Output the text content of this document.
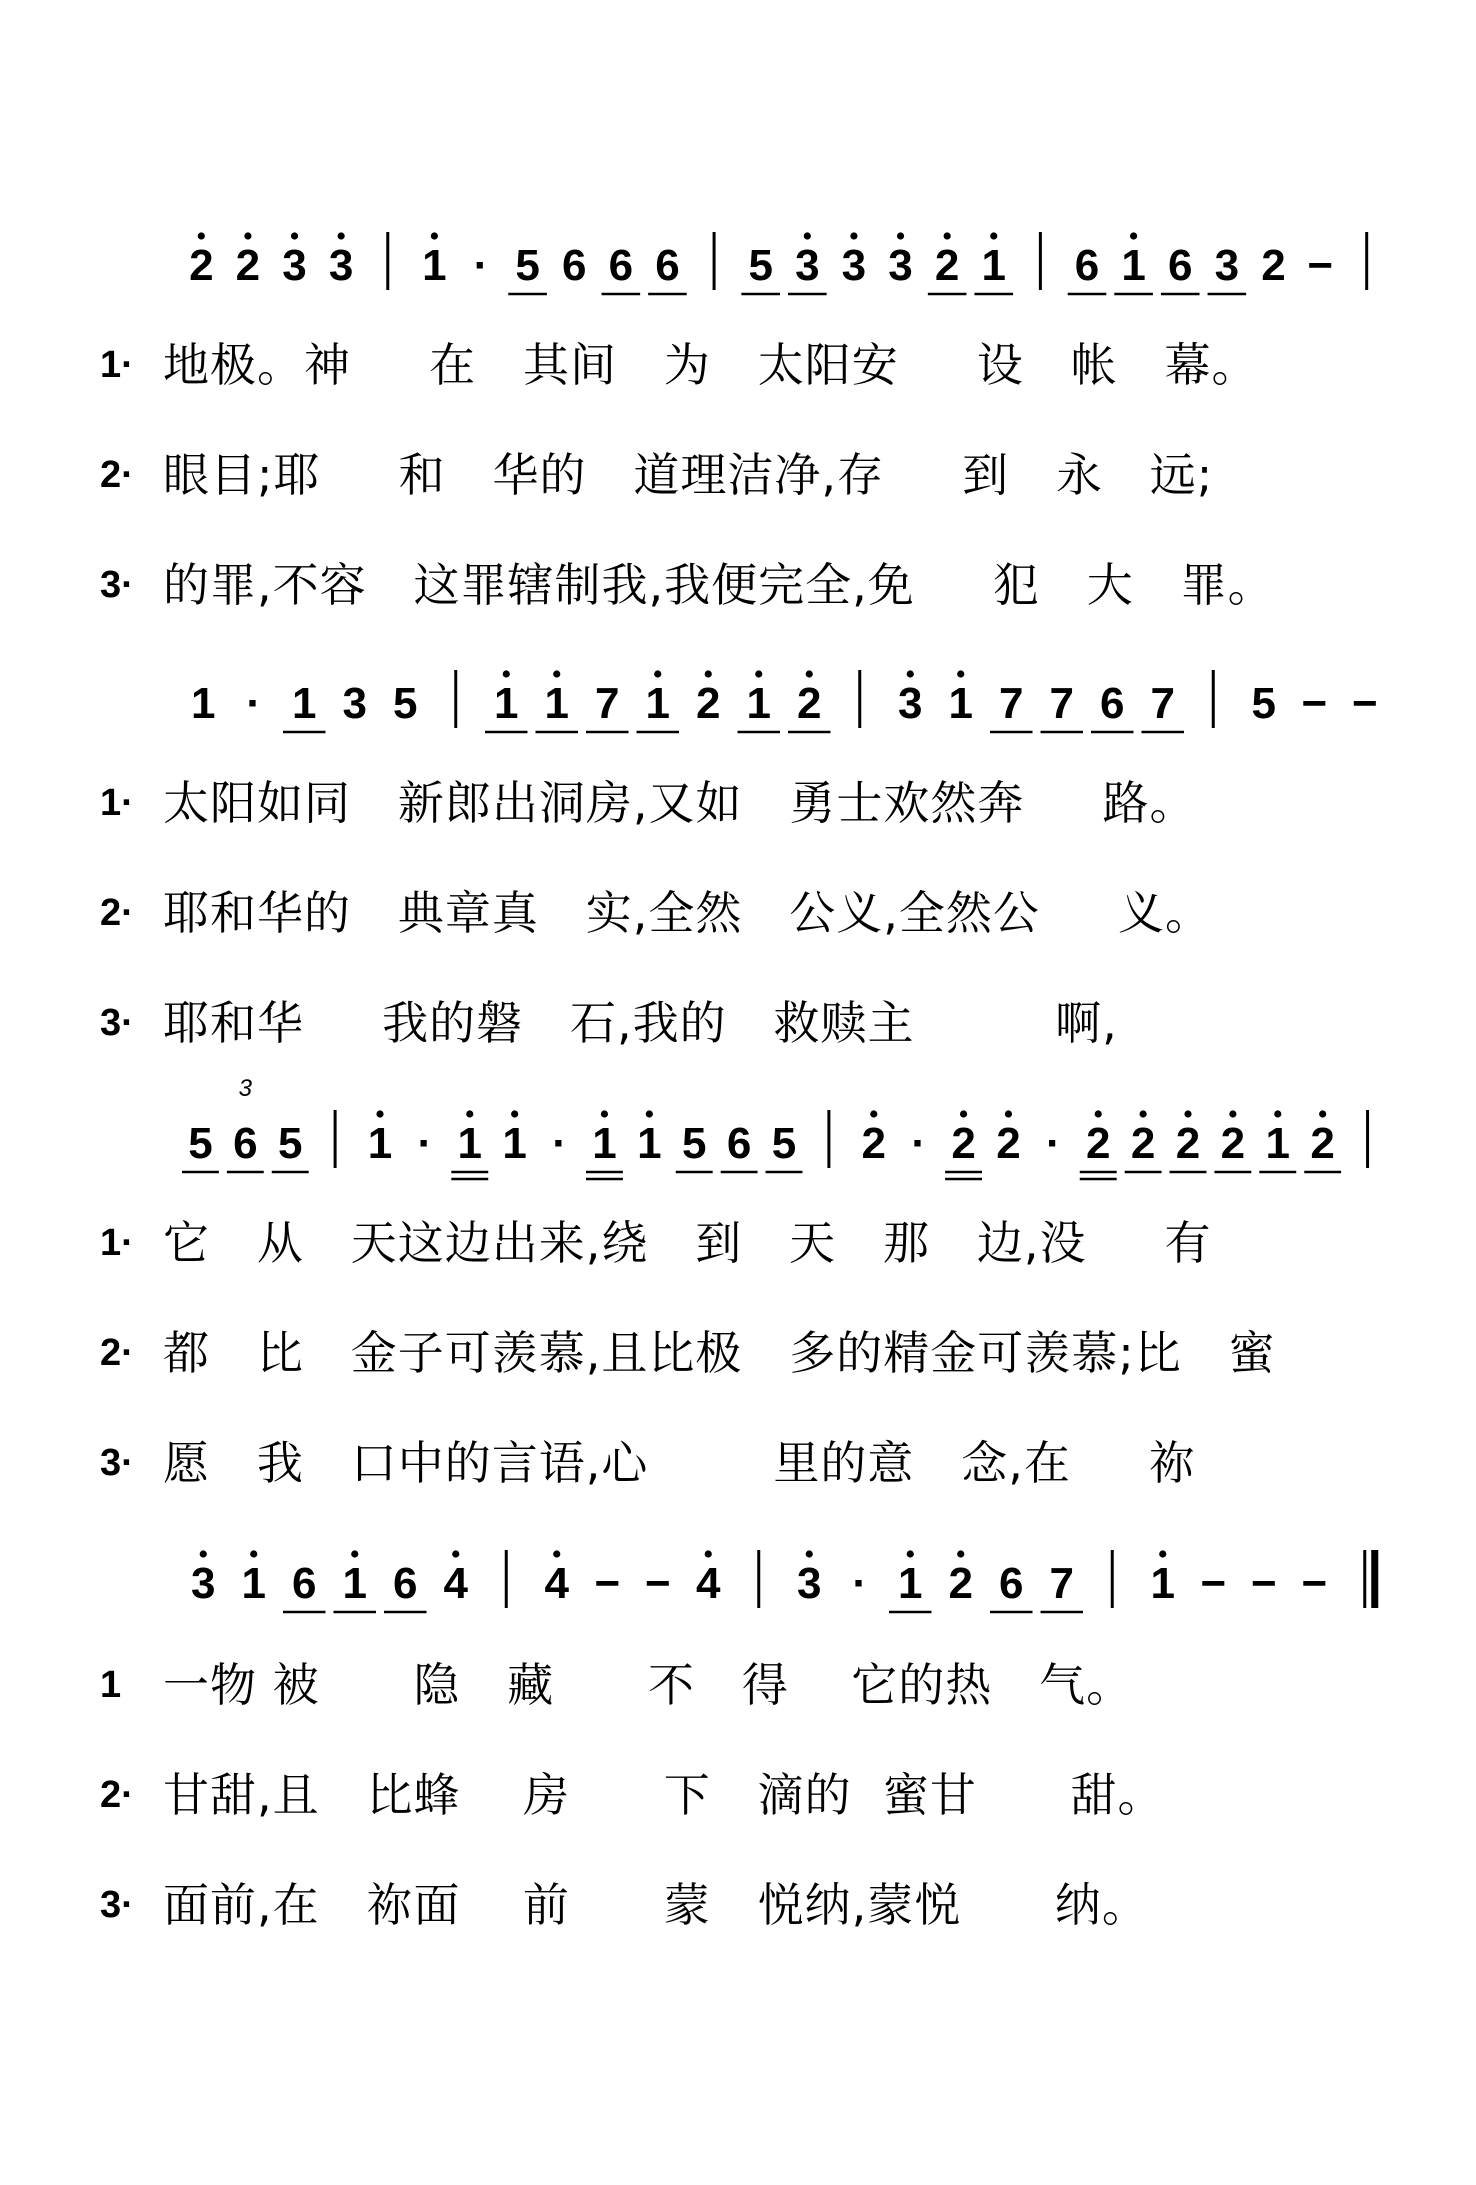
2 2 3 3 1 · 5 6 6 6 5 3 3 3 2 1 6 1 6 3 2 −
1 · 1 3 5 1 1 7 1 2 1 2 3 1 7 7 6 7 5 − −
5 6 5 1 · 1 1 · 1 1 5 6 5 2 · 2 2 · 2 2 2 2 1 2
3
3 1 6 1 6 4 4 − − 4 3 · 1 2 6 7 1 − − −
1· 地极。神     在   其间   为   太阳安     设   帐   幕。
2· 眼目;耶     和   华的   道理洁净,存     到   永   远;
3· 的罪,不容   这罪辖制我,我便完全,免     犯   大   罪。
1· 太阳如同   新郎出洞房,又如   勇士欢然奔     路。
2· 耶和华的   典章真   实,全然   公义,全然公     义。
3· 耶和华     我的磐   石,我的   救赎主         啊,
1· 它   从   天这边出来,绕   到   天   那   边,没     有
2· 都   比   金子可羡慕,且比极   多的精金可羡慕;比   蜜
3· 愿   我   口中的言语,心        里的意   念,在     祢
1 一物 被      隐   藏      不   得    它的热   气。
2· 甘甜,且   比蜂    房      下   滴的  蜜甘      甜。
3· 面前,在   祢面    前      蒙   悦纳,蒙悦      纳。
